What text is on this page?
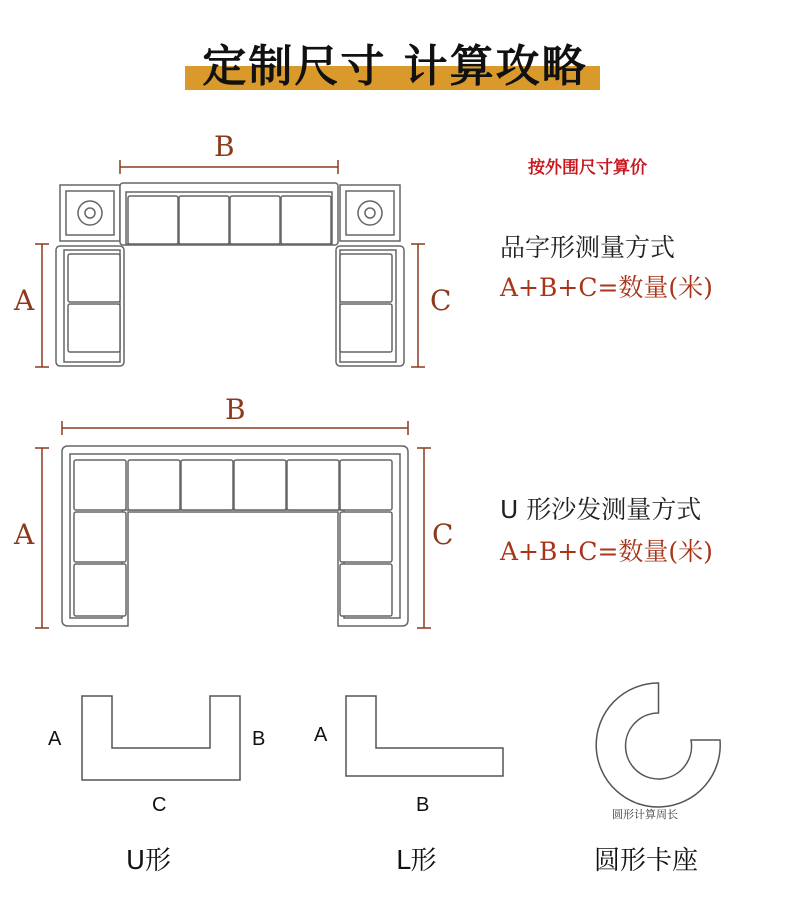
定制尺寸 计算攻略
B
A	C
按外围尺寸算价
品字形测量方式
A+B+C=数量(米)
B
A	C
U 形沙发测量方式
A+B+C=数量(米)
A	B
C
U形
A
B
L形
圆形计算周长
圆形卡座
